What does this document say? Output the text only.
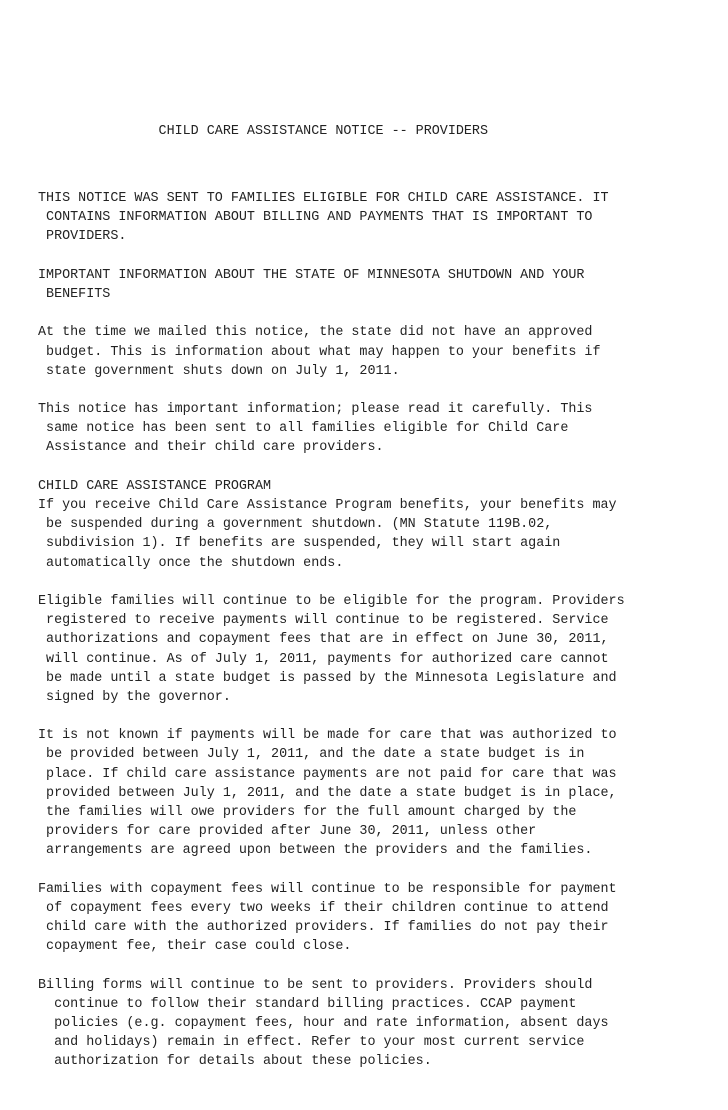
CHILD CARE ASSISTANCE NOTICE -- PROVIDERS

THIS NOTICE WAS SENT TO FAMILIES ELIGIBLE FOR CHILD CARE ASSISTANCE. IT
CONTAINS INFORMATION ABOUT BILLING AND PAYMENTS THAT IS IMPORTANT TO
PROVIDERS.
IMPORTANT INFORMATION ABOUT THE STATE OF MINNESOTA SHUTDOWN AND YOUR
BENEFITS
At the time we mailed this notice, the state did not have an approved
budget. This is information about what may happen to your benefits if
state government shuts down on July 1, 2011.
This notice has important information; please read it carefully. This
same notice has been sent to all families eligible for Child Care
Assistance and their child care providers.
CHILD CARE ASSISTANCE PROGRAM
If you receive Child Care Assistance Program benefits, your benefits may
be suspended during a government shutdown. (MN Statute 119B.02,
subdivision 1). If benefits are suspended, they will start again
automatically once the shutdown ends.
Eligible families will continue to be eligible for the program. Providers
registered to receive payments will continue to be registered. Service
authorizations and copayment fees that are in effect on June 30, 2011,
will continue. As of July 1, 2011, payments for authorized care cannot
be made until a state budget is passed by the Minnesota Legislature and
signed by the governor.
It is not known if payments will be made for care that was authorized to
be provided between July 1, 2011, and the date a state budget is in
place. If child care assistance payments are not paid for care that was
provided between July 1, 2011, and the date a state budget is in place,
the families will owe providers for the full amount charged by the
providers for care provided after June 30, 2011, unless other
arrangements are agreed upon between the providers and the families.
Families with copayment fees will continue to be responsible for payment
of copayment fees every two weeks if their children continue to attend
child care with the authorized providers. If families do not pay their
copayment fee, their case could close.
Billing forms will continue to be sent to providers. Providers should
continue to follow their standard billing practices. CCAP payment
policies (e.g. copayment fees, hour and rate information, absent days
and holidays) remain in effect. Refer to your most current service
authorization for details about these policies.
